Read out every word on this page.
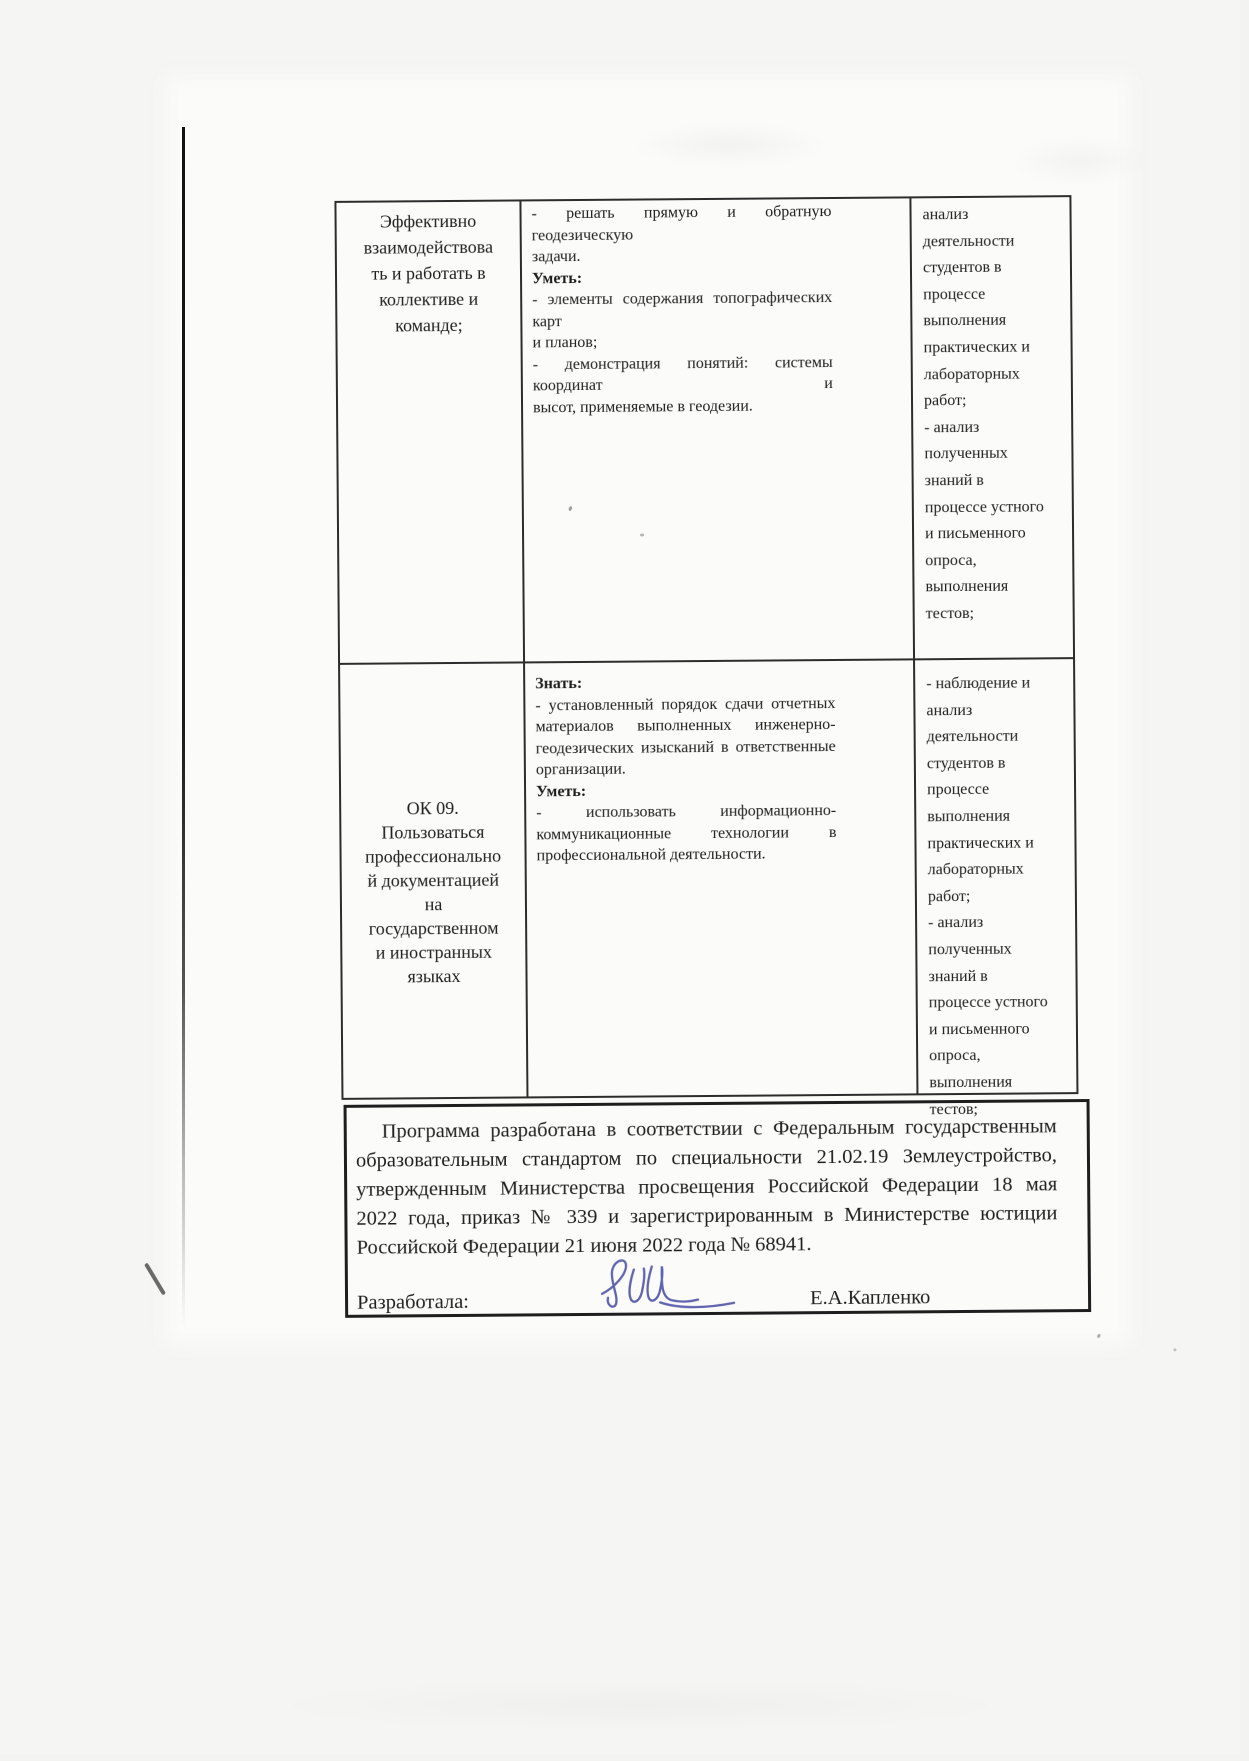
Эффективно
взаимодействова
ть и работать в
коллективе и
команде;
- решать прямую и обратную геодезическую
задачи.
Уметь:
- элементы содержания топографических карт
и планов;
- демонстрация понятий: системы координат и
высот, применяемые в геодезии.
анализ
деятельности
студентов в
процессе
выполнения
практических и
лабораторных
работ;
- анализ
полученных
знаний в
процессе устного
и письменного
опроса,
выполнения
тестов;
ОК 09.
Пользоваться
профессионально
й документацией
на
государственном
и иностранных
языках
Знать:
- установленный порядок сдачи отчетных
материалов выполненных инженерно-
геодезических изысканий в ответственные
организации.
Уметь:
- использовать информационно-
коммуникационные технологии в
профессиональной деятельности.
- наблюдение и
анализ
деятельности
студентов в
процессе
выполнения
практических и
лабораторных
работ;
- анализ
полученных
знаний в
процессе устного
и письменного
опроса,
выполнения
тестов;
Программа разработана в соответствии с Федеральным государственным
образовательным стандартом по специальности 21.02.19 Землеустройство,
утвержденным Министерства просвещения Российской Федерации 18 мая
2022 года, приказ № 339 и зарегистрированным в Министерстве юстиции
Российской Федерации 21 июня 2022 года № 68941.
Разработала:	Е.А.Капленко
